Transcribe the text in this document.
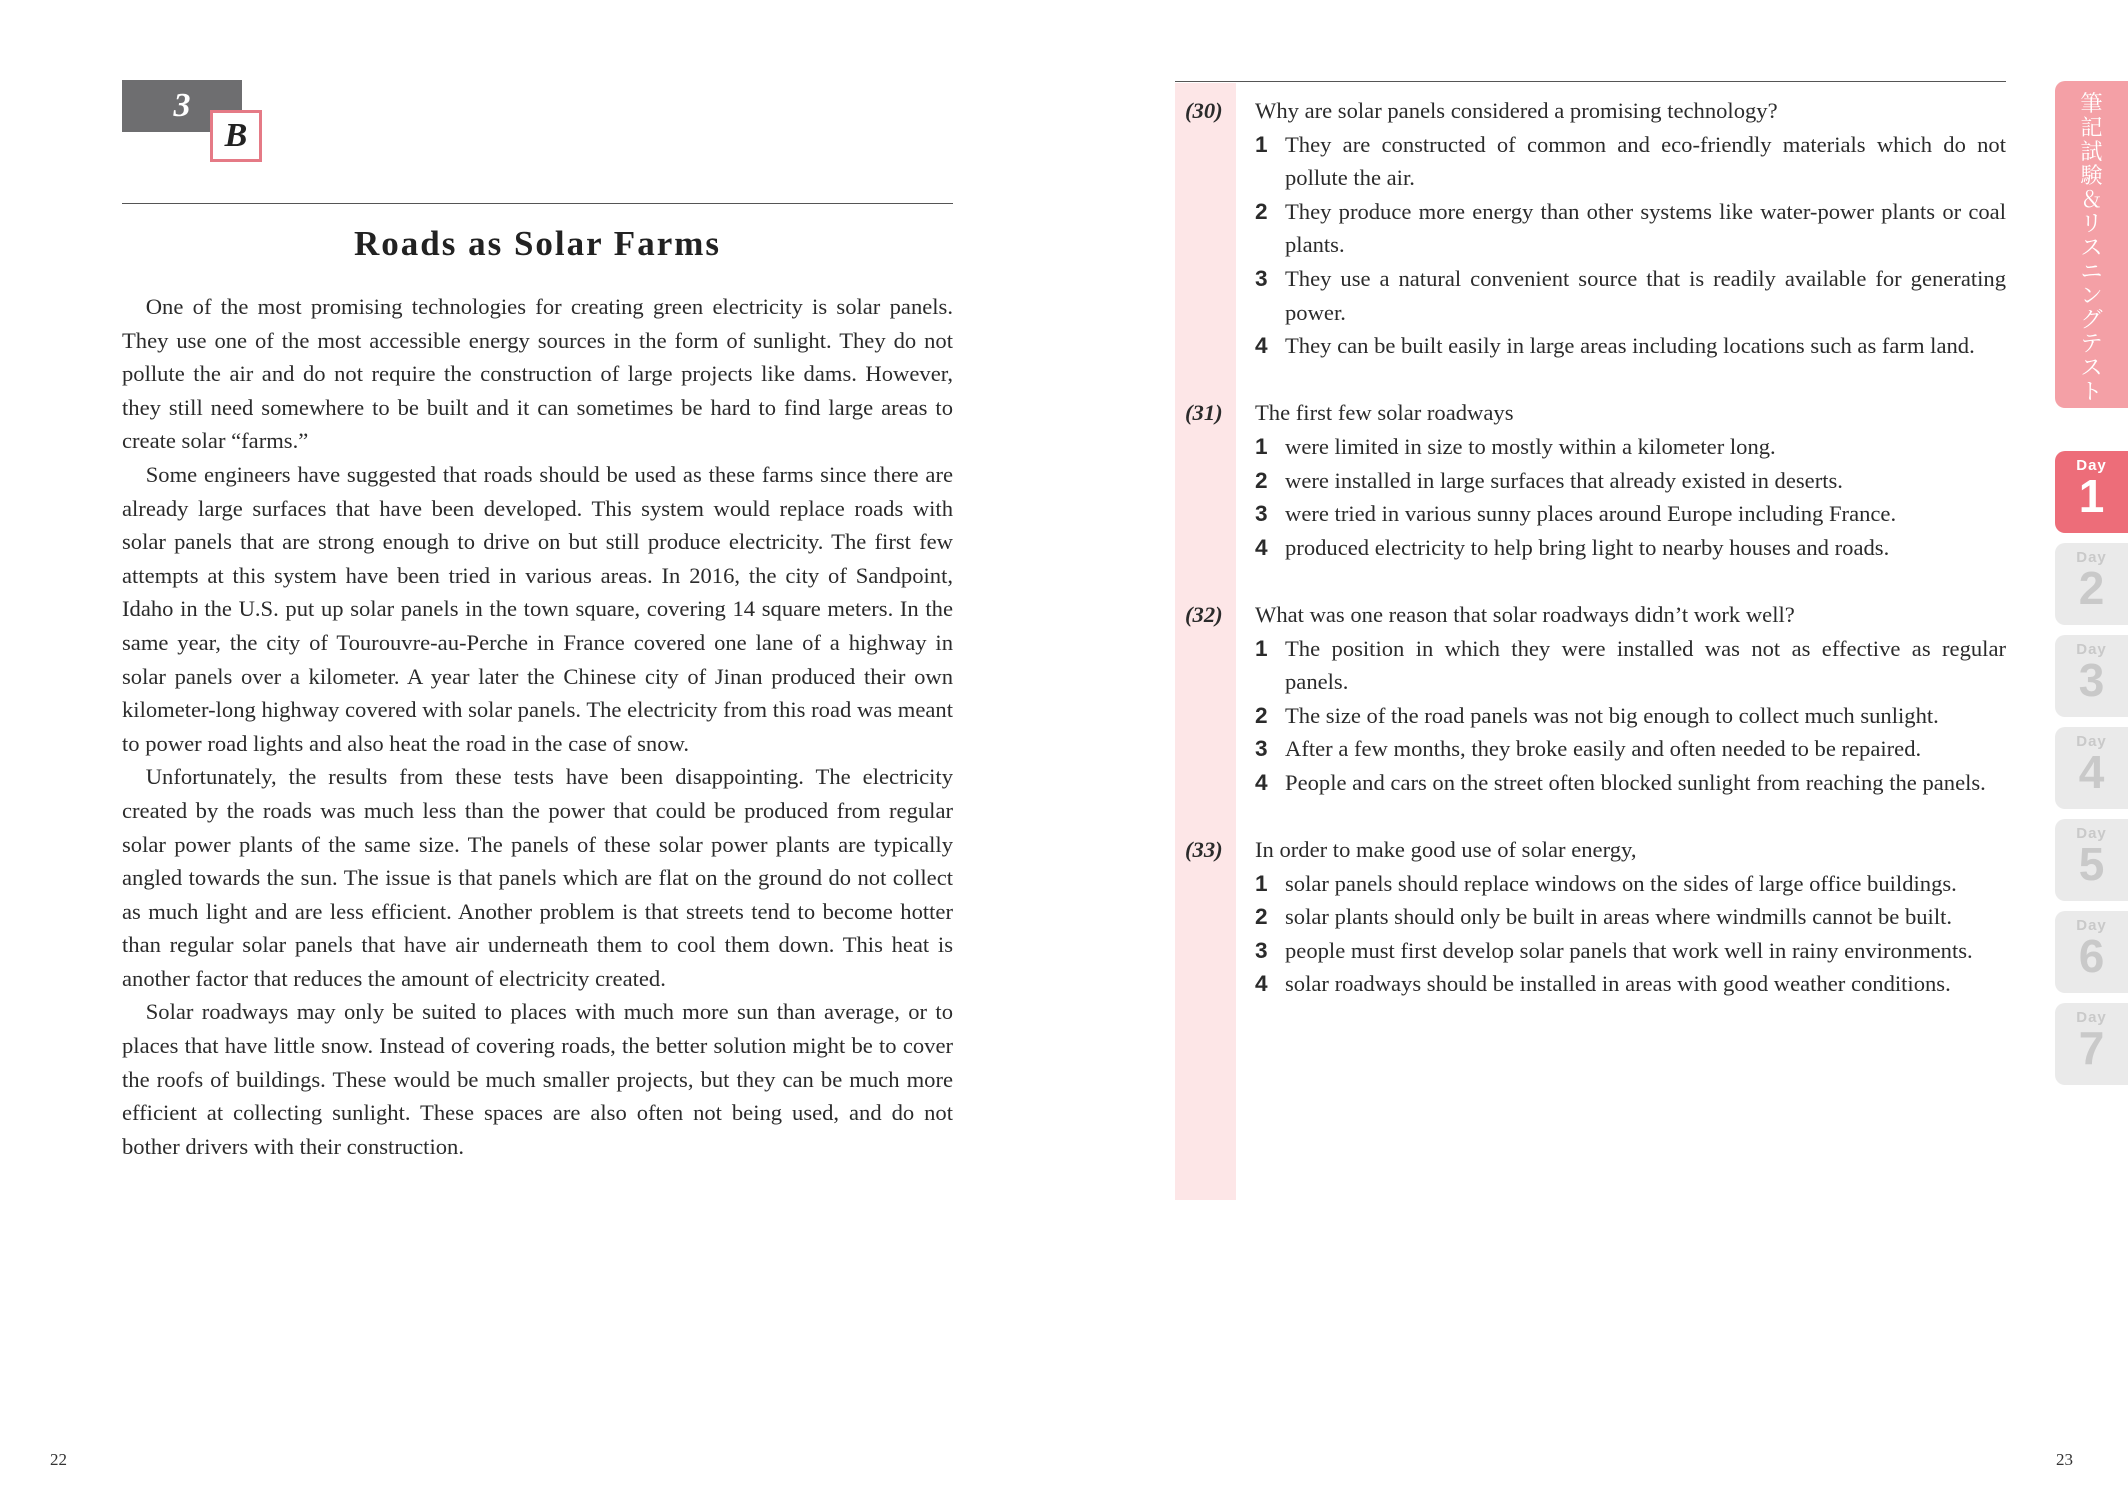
3
B
Roads as Solar Farms

One of the most promising technologies for creating green electricity is solar panels. They use one of the most accessible energy sources in the form of sunlight. They do not pollute the air and do not require the construction of large projects like dams. However, they still need somewhere to be built and it can sometimes be hard to find large areas to create solar “farms.”

Some engineers have suggested that roads should be used as these farms since there are already large surfaces that have been developed. This system would replace roads with solar panels that are strong enough to drive on but still produce electricity. The first few attempts at this system have been tried in various areas. In 2016, the city of Sandpoint, Idaho in the U.S. put up solar panels in the town square, covering 14 square meters. In the same year, the city of Tourouvre-au-Perche in France covered one lane of a highway in solar panels over a kilometer. A year later the Chinese city of Jinan produced their own kilometer-long highway covered with solar panels. The electricity from this road was meant to power road lights and also heat the road in the case of snow.

Unfortunately, the results from these tests have been disappointing. The electricity created by the roads was much less than the power that could be produced from regular solar power plants of the same size. The panels of these solar power plants are typically angled towards the sun. The issue is that panels which are flat on the ground do not collect as much light and are less efficient. Another problem is that streets tend to become hotter than regular solar panels that have air underneath them to cool them down. This heat is another factor that reduces the amount of electricity created.

Solar roadways may only be suited to places with much more sun than average, or to places that have little snow. Instead of covering roads, the better solution might be to cover the roofs of buildings. These would be much smaller projects, but they can be much more efficient at collecting sunlight. These spaces are also often not being used, and do not bother drivers with their construction.

22
(30) Why are solar panels considered a promising technology?
1 They are constructed of common and eco-friendly materials which do not pollute the air.
2 They produce more energy than other systems like water-power plants or coal plants.
3 They use a natural convenient source that is readily available for generating power.
4 They can be built easily in large areas including locations such as farm land.
(31) The first few solar roadways
1 were limited in size to mostly within a kilometer long.
2 were installed in large surfaces that already existed in deserts.
3 were tried in various sunny places around Europe including France.
4 produced electricity to help bring light to nearby houses and roads.
(32) What was one reason that solar roadways didn’t work well?
1 The position in which they were installed was not as effective as regular panels.
2 The size of the road panels was not big enough to collect much sunlight.
3 After a few months, they broke easily and often needed to be repaired.
4 People and cars on the street often blocked sunlight from reaching the panels.
(33) In order to make good use of solar energy,
1 solar panels should replace windows on the sides of large office buildings.
2 solar plants should only be built in areas where windmills cannot be built.
3 people must first develop solar panels that work well in rainy environments.
4 solar roadways should be installed in areas with good weather conditions.
23
筆記試験＆リスニングテスト
Day
1
Day
2
Day
3
Day
4
Day
5
Day
6
Day
7
